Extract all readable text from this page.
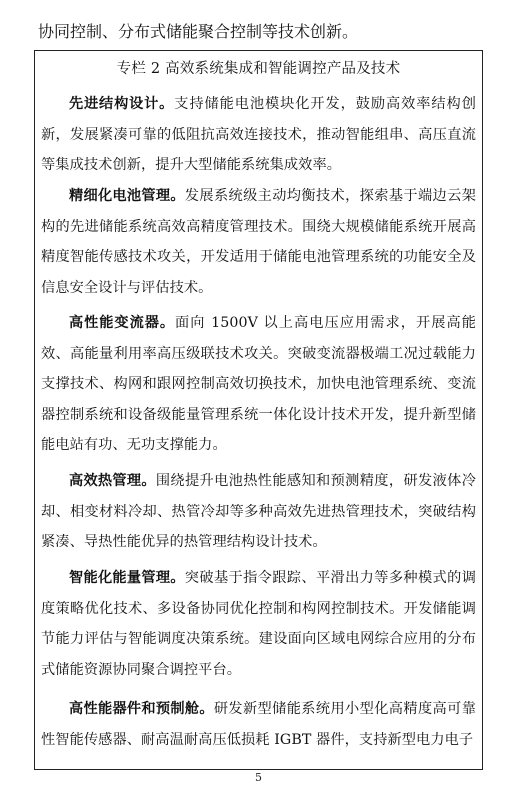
协同控制、分布式储能聚合控制等技术创新。
专栏 2 高效系统集成和智能调控产品及技术

先进结构设计。支持储能电池模块化开发，鼓励高效率结构创新，发展紧凑可靠的低阻抗高效连接技术，推动智能组串、高压直流等集成技术创新，提升大型储能系统集成效率。

精细化电池管理。发展系统级主动均衡技术，探索基于端边云架构的先进储能系统高效高精度管理技术。围绕大规模储能系统开展高精度智能传感技术攻关，开发适用于储能电池管理系统的功能安全及信息安全设计与评估技术。

高性能变流器。面向 1500V 以上高电压应用需求，开展高能效、高能量利用率高压级联技术攻关。突破变流器极端工况过载能力支撑技术、构网和跟网控制高效切换技术，加快电池管理系统、变流器控制系统和设备级能量管理系统一体化设计技术开发，提升新型储能电站有功、无功支撑能力。

高效热管理。围绕提升电池热性能感知和预测精度，研发液体冷却、相变材料冷却、热管冷却等多种高效先进热管理技术，突破结构紧凑、导热性能优异的热管理结构设计技术。

智能化能量管理。突破基于指令跟踪、平滑出力等多种模式的调度策略优化技术、多设备协同优化控制和构网控制技术。开发储能调节能力评估与智能调度决策系统。建设面向区域电网综合应用的分布式储能资源协同聚合调控平台。

高性能器件和预制舱。研发新型储能系统用小型化高精度高可靠性智能传感器、耐高温耐高压低损耗 IGBT 器件，支持新型电力电子

5
